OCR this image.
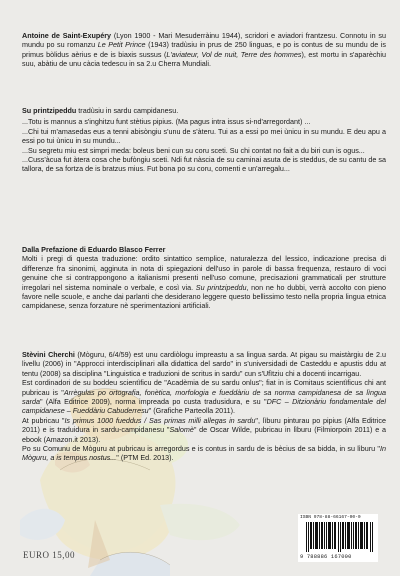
Antoine de Saint-Exupéry (Lyon 1900 - Mari Mesuderràinu 1944), scridori e aviadori frantzesu. Connotu in su mundu po su romanzu Le Petit Prince (1943) tradùsiu in prus de 250 linguas, e po is contus de su mundu de is primus bòlidus aèrius e de is biaxis sussus (L'aviateur, Vol de nuit, Terre des hommes), est mortu in s'aparèchiu suu, abàtiu de unu càcia tedescu in sa 2.u Cherra Mundiali.

Su printzipeddu tradùsiu in sardu campidanesu.

...Totu is mannus a s'inghitzu funt stètius pipius. (Ma pagus intra issus si-nd'arregordant) ...

...Chi tui m'amasedas eus a tenni abisòngiu s'unu de s'àteru. Tui as a essi po mei ùnicu in su mundu. E deu apu a essi po tui ùnicu in su mundu...

...Su segretu miu est simpri meda: boleus beni cun su coru sceti. Su chi contat no fait a du biri cun is ogus...

...Cuss'àcua fut àtera cosa che bufòngiu sceti. Ndi fut nàscia de su caminai asuta de is steddus, de su cantu de sa tallora, de sa fortza de is bratzus mius. Fut bona po su coru, comenti e un'arregalu...

Dalla Prefazione di Eduardo Blasco Ferrer

Molti i pregi di questa traduzione: ordito sintattico semplice, naturalezza del lessico, indicazione precisa di differenze fra sinonimi, agginuta in nota di spiegazioni dell'uso in parole di bassa frequenza, restauro di voci genuine che si contrappongono a italianismi presenti nell'uso comune, precisazioni grammaticali per strutture irregolari nel sistema nominale o verbale, e così via. Su printzipeddu, non ne ho dubbi, verrà accolto con pieno favore nelle scuole, e anche dai parlanti che desiderano leggere questo bellissimo testo nella propria lingua etnica campidanese, senza forzature nè sperimentazioni artificiali.

Stèvini Cherchi (Mòguru, 6/4/59) est unu cardiòlogu impreastu a sa lingua sarda. At pigau su maistàrgiu de 2.u livellu (2006) in "Approcci interdisciplinari alla didattica del sardo" in s'universidadi de Casteddu e apustis ddu at tentu (2008) sa disciplina "Linguistica e traduzioni de scritus in sardu" cun s'Ufìtziu chi a docenti incarrigau.

Est cordinadori de su boddeu scientìficu de "Acadèmia de su sardu onlus"; fiat in is Comitaus scientìficus chi ant pubricau is "Arrègulas po ortografia, fonètica, morfologia e fueddàriu de sa norma campidanesa de sa lìngua sarda" (Alfa Editrice 2009), norma impreada po custa tradusidura, e su "DFC – Ditzionàriu fondamentale del campidanese – Fueddàriu Cabuderresu" (Grafiche Parteolla 2011).

At pubricau "Is primus 1000 fueddus / Sas primas milli allegas in sardu", lìburu pinturau po pipius (Alfa Editrice 2011) e is traduidura in sardu-campidanesu "Salomè" de Oscar Wilde, pubricau in lìburu (Filmiorpoin 2011) e a ebook (Amazon.it 2013).

Po su Comunu de Mòguru at pubricau is arregordus e is contus in sardu de is bècius de sa bidda, in su lìburu "In Mòguru, a is tempus nostus..." (PTM Ed. 2013).

ISBN 978-88-66167-00-0
9 788886 167000
EURO 15,00
